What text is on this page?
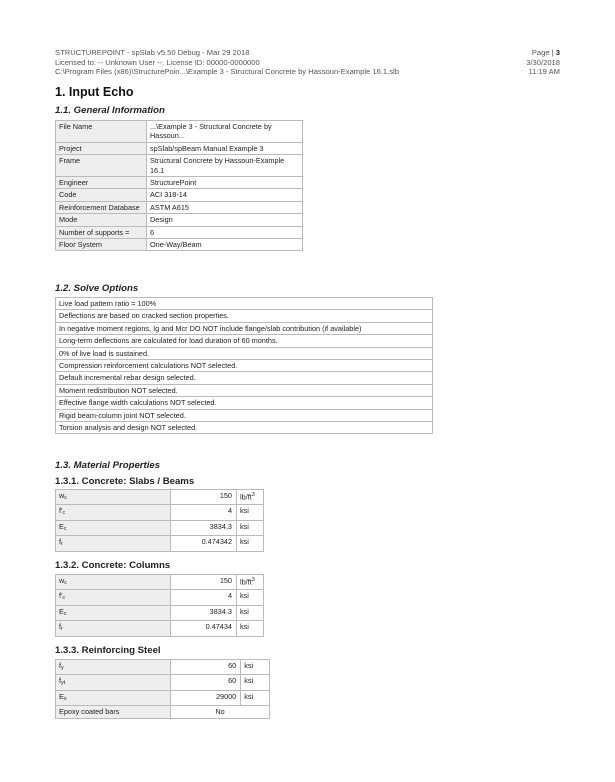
STRUCTUREPOINT - spSlab v5.50 Debug - Mar 29 2018	Page | 3
Licensed to: -- Unknown User --. License ID: 00000-0000000	3/30/2018
C:\Program Files (x86)\StructurePoin...\Example 3 - Structural Concrete by Hassoun-Example 16.1.slb	11:19 AM
1. Input Echo
1.1. General Information
File Name	...\Example 3 - Structural Concrete by Hassoun...
Project	spSlab/spBeam Manual Example 3
Frame	Structural Concrete by Hassoun-Example 16.1
Engineer	StructurePoint
Code	ACI 318-14
Reinforcement Database	ASTM A615
Mode	Design
Number of supports =	6
Floor System	One-Way/Beam
1.2. Solve Options
Live load pattern ratio = 100%
Deflections are based on cracked section properties.
In negative moment regions, Ig and Mcr DO NOT include flange/slab contribution (if available)
Long-term deflections are calculated for load duration of 60 months.
0% of live load is sustained.
Compression reinforcement calculations NOT selected.
Default incremental rebar design selected.
Moment redistribution NOT selected.
Effective flange width calculations NOT selected.
Rigid beam-column joint NOT selected.
Torsion analysis and design NOT selected.
1.3. Material Properties
1.3.1. Concrete: Slabs / Beams
$w_c$	150	$lb/ft^3$
$f'_c$	4	ksi
$E_c$	3834.3	ksi
$f_r$	0.474342	ksi
1.3.2. Concrete: Columns
$w_c$	150	$lb/ft^3$
$f'_c$	4	ksi
$E_c$	3834.3	ksi
$f_r$	0.47434	ksi
1.3.3. Reinforcing Steel
$f_y$	60	ksi
$f_{yt}$	60	ksi
$E_s$	29000	ksi
Epoxy coated bars	No	
